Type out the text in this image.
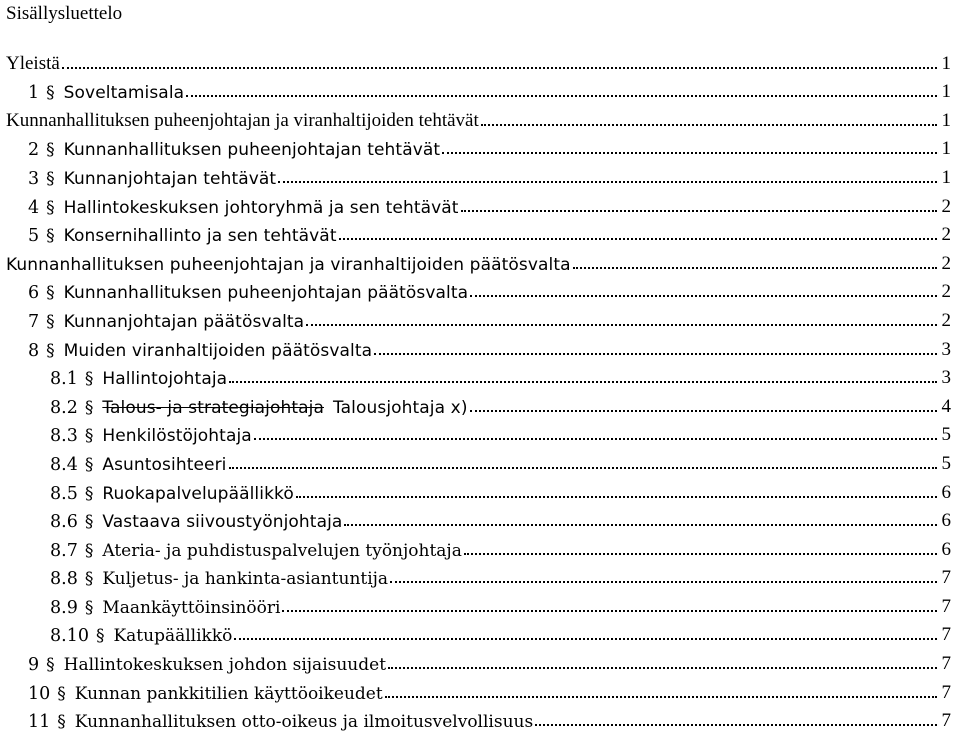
Sisällysluettelo
Yleistä	1
1 § Soveltamisala	1
Kunnanhallituksen puheenjohtajan ja viranhaltijoiden tehtävät	1
2 § Kunnanhallituksen puheenjohtajan tehtävät	1
3 § Kunnanjohtajan tehtävät	1
4 § Hallintokeskuksen johtoryhmä ja sen tehtävät	2
5 § Konsernihallinto ja sen tehtävät	2
Kunnanhallituksen puheenjohtajan ja viranhaltijoiden päätösvalta	2
6 § Kunnanhallituksen puheenjohtajan päätösvalta	2
7 § Kunnanjohtajan päätösvalta	2
8 § Muiden viranhaltijoiden päätösvalta	3
8.1 § Hallintojohtaja	3
8.2 § Talous- ja strategiajohtaja Talousjohtaja x)	4
8.3 § Henkilöstöjohtaja	5
8.4 § Asuntosihteeri	5
8.5 § Ruokapalvelupäällikkö	6
8.6 § Vastaava siivoustyönjohtaja	6
8.7 § Ateria- ja puhdistuspalvelujen työnjohtaja	6
8.8 § Kuljetus- ja hankinta-asiantuntija	7
8.9 § Maankäyttöinsinööri	7
8.10 § Katupäällikkö	7
9 § Hallintokeskuksen johdon sijaisuudet	7
10 § Kunnan pankkitilien käyttöoikeudet	7
11 § Kunnanhallituksen otto-oikeus ja ilmoitusvelvollisuus	7
